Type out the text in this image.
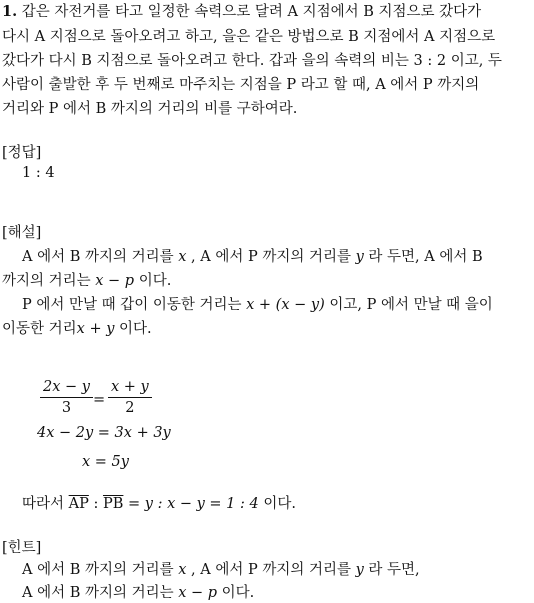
1. 갑은 자전거를 타고 일정한 속력으로 달려 A 지점에서 B 지점으로 갔다가
다시 A 지점으로 돌아오려고 하고, 을은 같은 방법으로 B 지점에서 A 지점으로
갔다가 다시 B 지점으로 돌아오려고 한다. 갑과 을의 속력의 비는 3 : 2 이고, 두
사람이 출발한 후 두 번째로 마주치는 지점을 P 라고 할 때, A 에서 P 까지의
거리와 P 에서 B 까지의 거리의 비를 구하여라.
[정답]
1 : 4
[해설]
A 에서 B 까지의 거리를 x , A 에서 P 까지의 거리를 y 라 두면, A 에서 B
까지의 거리는 x − p 이다.
P 에서 만날 때 갑이 이동한 거리는 x + (x − y) 이고, P 에서 만날 때 을이
이동한 거리x + y 이다.
$\frac{2x - y}{3} = \frac{x + y}{2}$
4x − 2y = 3x + 3y
x = 5y
따라서 $\overline{AP}$ : $\overline{PB} = y$ : x − y = 1 : 4 이다.
[힌트]
A 에서 B 까지의 거리를 x , A 에서 P 까지의 거리를 y 라 두면,
A 에서 B 까지의 거리는 x − p 이다.
